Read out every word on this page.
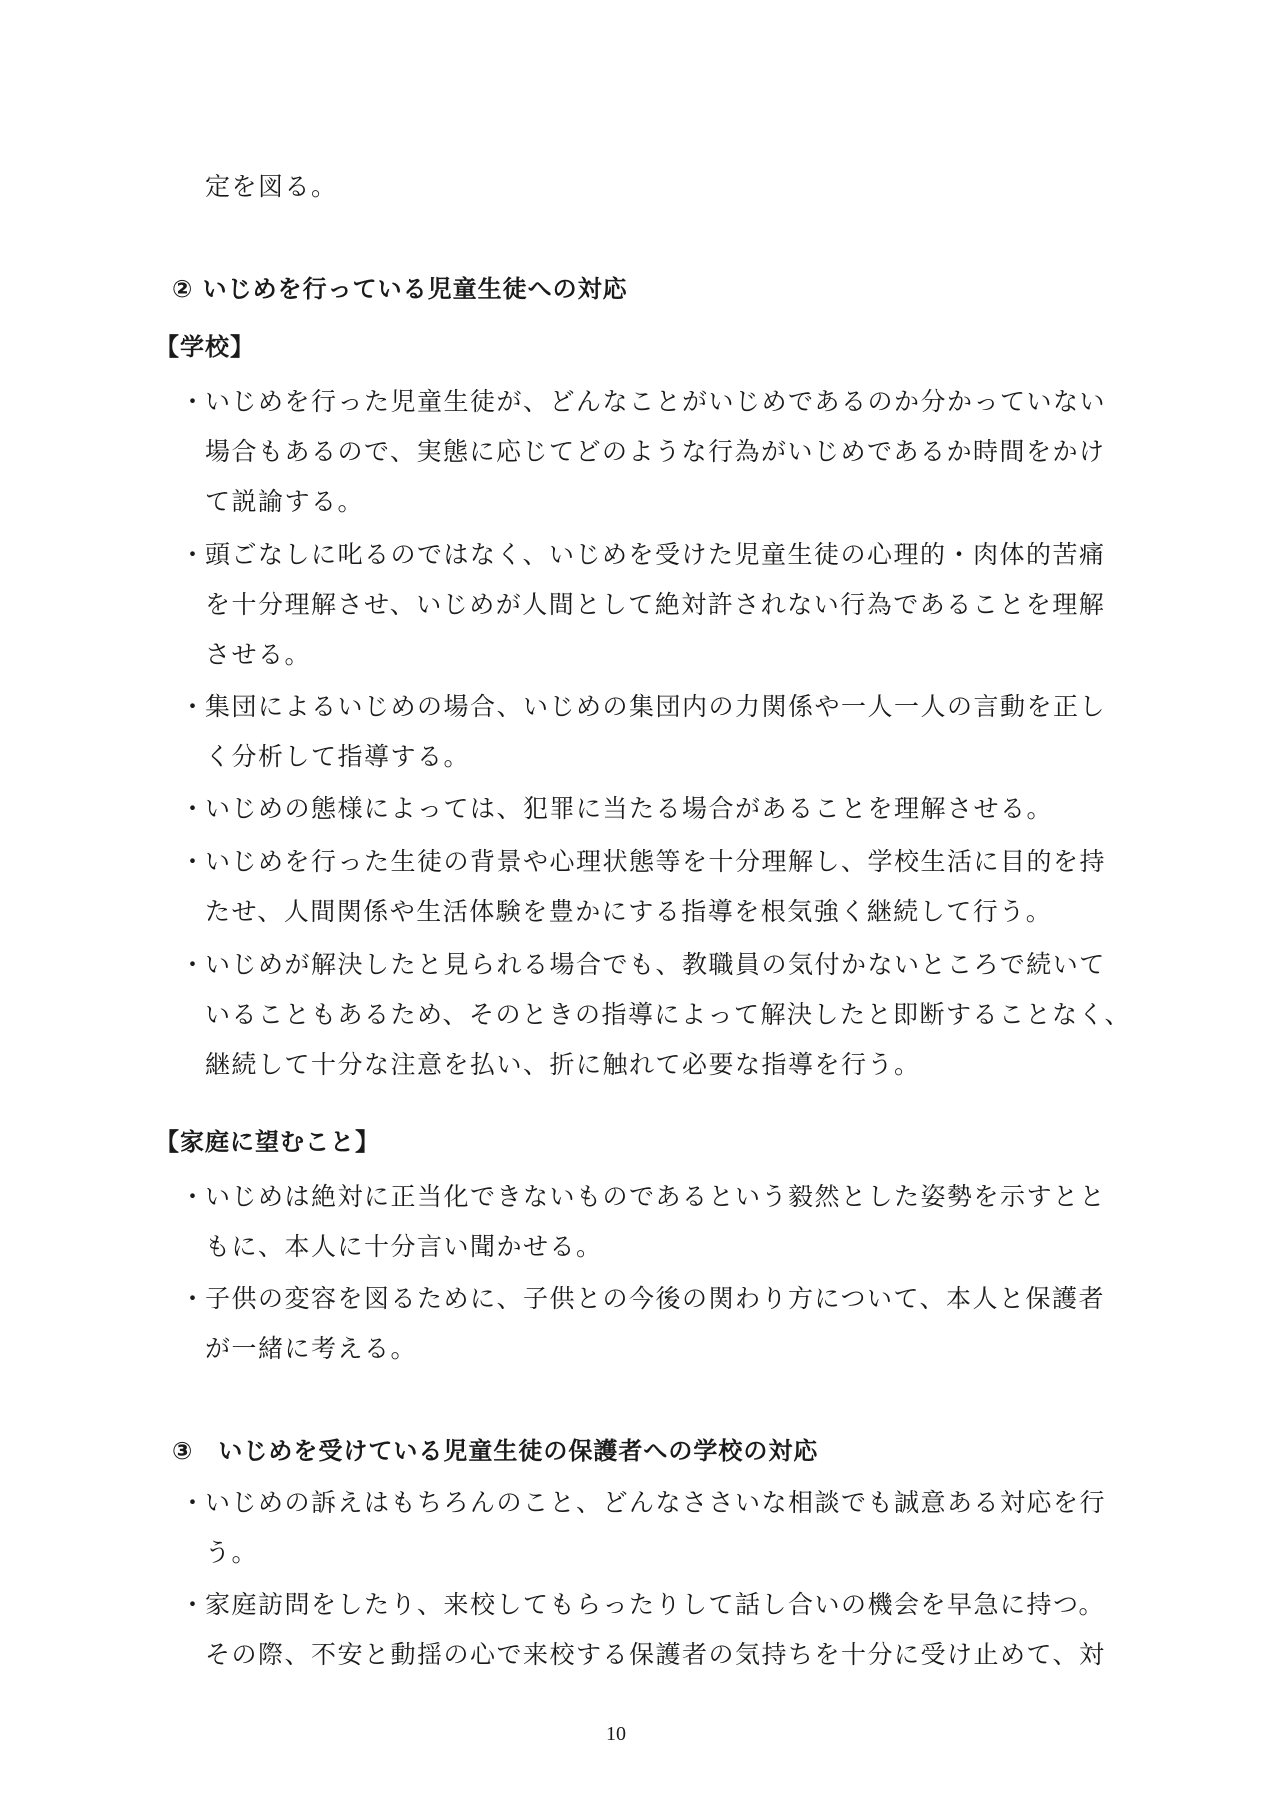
定を図る。
② いじめを行っている児童生徒への対応
【学校】
・ いじめを行った児童生徒が、どんなことがいじめであるのか分かっていない
場合もあるので、実態に応じてどのような行為がいじめであるか時間をかけ
て説諭する。
・ 頭ごなしに叱るのではなく、いじめを受けた児童生徒の心理的・肉体的苦痛
を十分理解させ、いじめが人間として絶対許されない行為であることを理解
させる。
・ 集団によるいじめの場合、いじめの集団内の力関係や一人一人の言動を正し
く分析して指導する。
・ いじめの態様によっては、犯罪に当たる場合があることを理解させる。
・ いじめを行った生徒の背景や心理状態等を十分理解し、学校生活に目的を持
たせ、人間関係や生活体験を豊かにする指導を根気強く継続して行う。
・ いじめが解決したと見られる場合でも、教職員の気付かないところで続いて
いることもあるため、そのときの指導によって解決したと即断することなく、
継続して十分な注意を払い、折に触れて必要な指導を行う。
【家庭に望むこと】
・ いじめは絶対に正当化できないものであるという毅然とした姿勢を示すとと
もに、本人に十分言い聞かせる。
・ 子供の変容を図るために、子供との今後の関わり方について、本人と保護者
が一緒に考える。
③　いじめを受けている児童生徒の保護者への学校の対応
・ いじめの訴えはもちろんのこと、どんなささいな相談でも誠意ある対応を行
う。
・ 家庭訪問をしたり、来校してもらったりして話し合いの機会を早急に持つ。
その際、不安と動揺の心で来校する保護者の気持ちを十分に受け止めて、対
10
